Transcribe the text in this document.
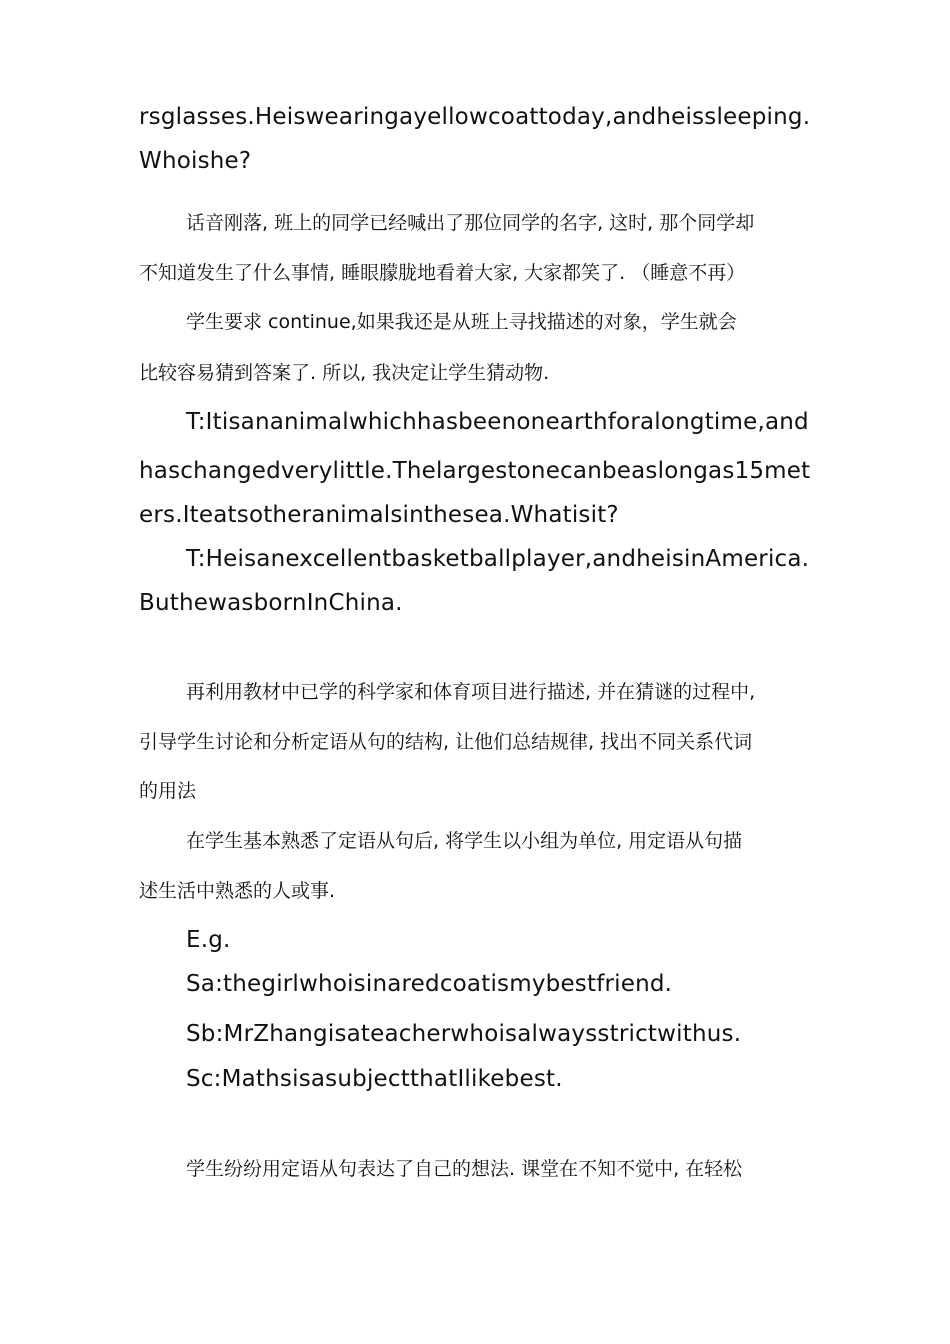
rsglasses.Heiswearingayellowcoattoday,andheissleeping.
Whoishe?
话音刚落, 班上的同学已经喊出了那位同学的名字, 这时, 那个同学却
不知道发生了什么事情, 睡眼朦胧地看着大家, 大家都笑了. （睡意不再）
学生要求 continue,如果我还是从班上寻找描述的对象，学生就会
比较容易猜到答案了. 所以, 我决定让学生猜动物.
T:Itisananimalwhichhasbeenonearthforalongtime,and
haschangedverylittle.Thelargestonecanbeaslongas15met
ers.Iteatsotheranimalsinthesea.Whatisit?
T:Heisanexcellentbasketballplayer,andheisinAmerica.
ButhewasbornInChina.
再利用教材中已学的科学家和体育项目进行描述, 并在猜谜的过程中,
引导学生讨论和分析定语从句的结构, 让他们总结规律, 找出不同关系代词
的用法
在学生基本熟悉了定语从句后, 将学生以小组为单位, 用定语从句描
述生活中熟悉的人或事.
E.g.
Sa:thegirlwhoisinaredcoatismybestfriend.
Sb:MrZhangisateacherwhoisalwaysstrictwithus.
Sc:MathsisasubjectthatIlikebest.
学生纷纷用定语从句表达了自己的想法. 课堂在不知不觉中, 在轻松
